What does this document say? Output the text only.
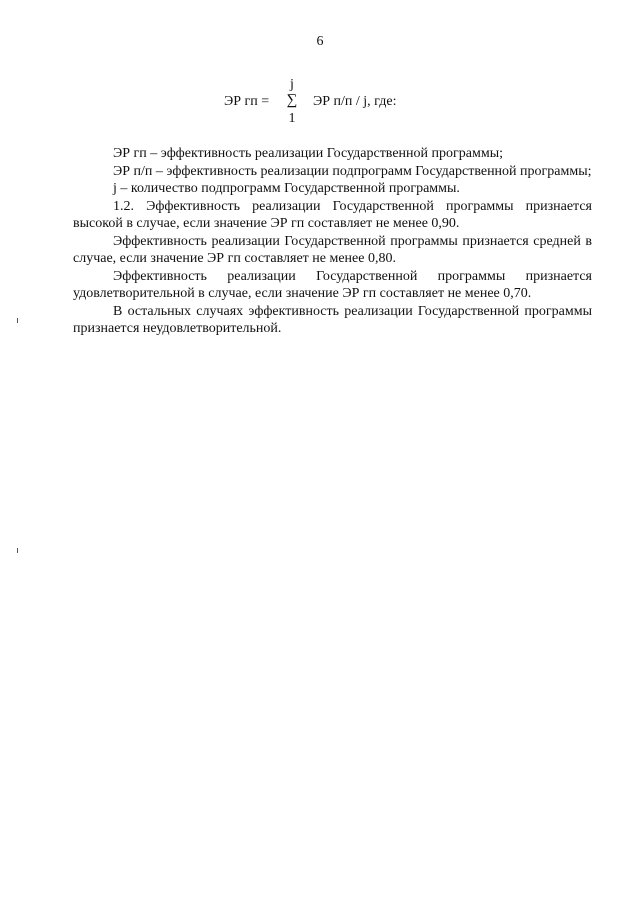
6
ЭР гп =
j
∑
1
ЭР п/п / j, где:

ЭР гп – эффективность реализации Государственной программы;

ЭР п/п – эффективность реализации подпрограмм Государственной программы;

j – количество подпрограмм Государственной программы.

1.2. Эффективность реализации Государственной программы признается высокой в случае, если значение ЭР гп составляет не менее 0,90.

Эффективность реализации Государственной программы признается средней в случае, если значение ЭР гп составляет не менее 0,80.

Эффективность реализации Государственной программы признается удовлетворительной в случае, если значение ЭР гп составляет не менее 0,70.

В остальных случаях эффективность реализации Государственной программы признается неудовлетворительной.
